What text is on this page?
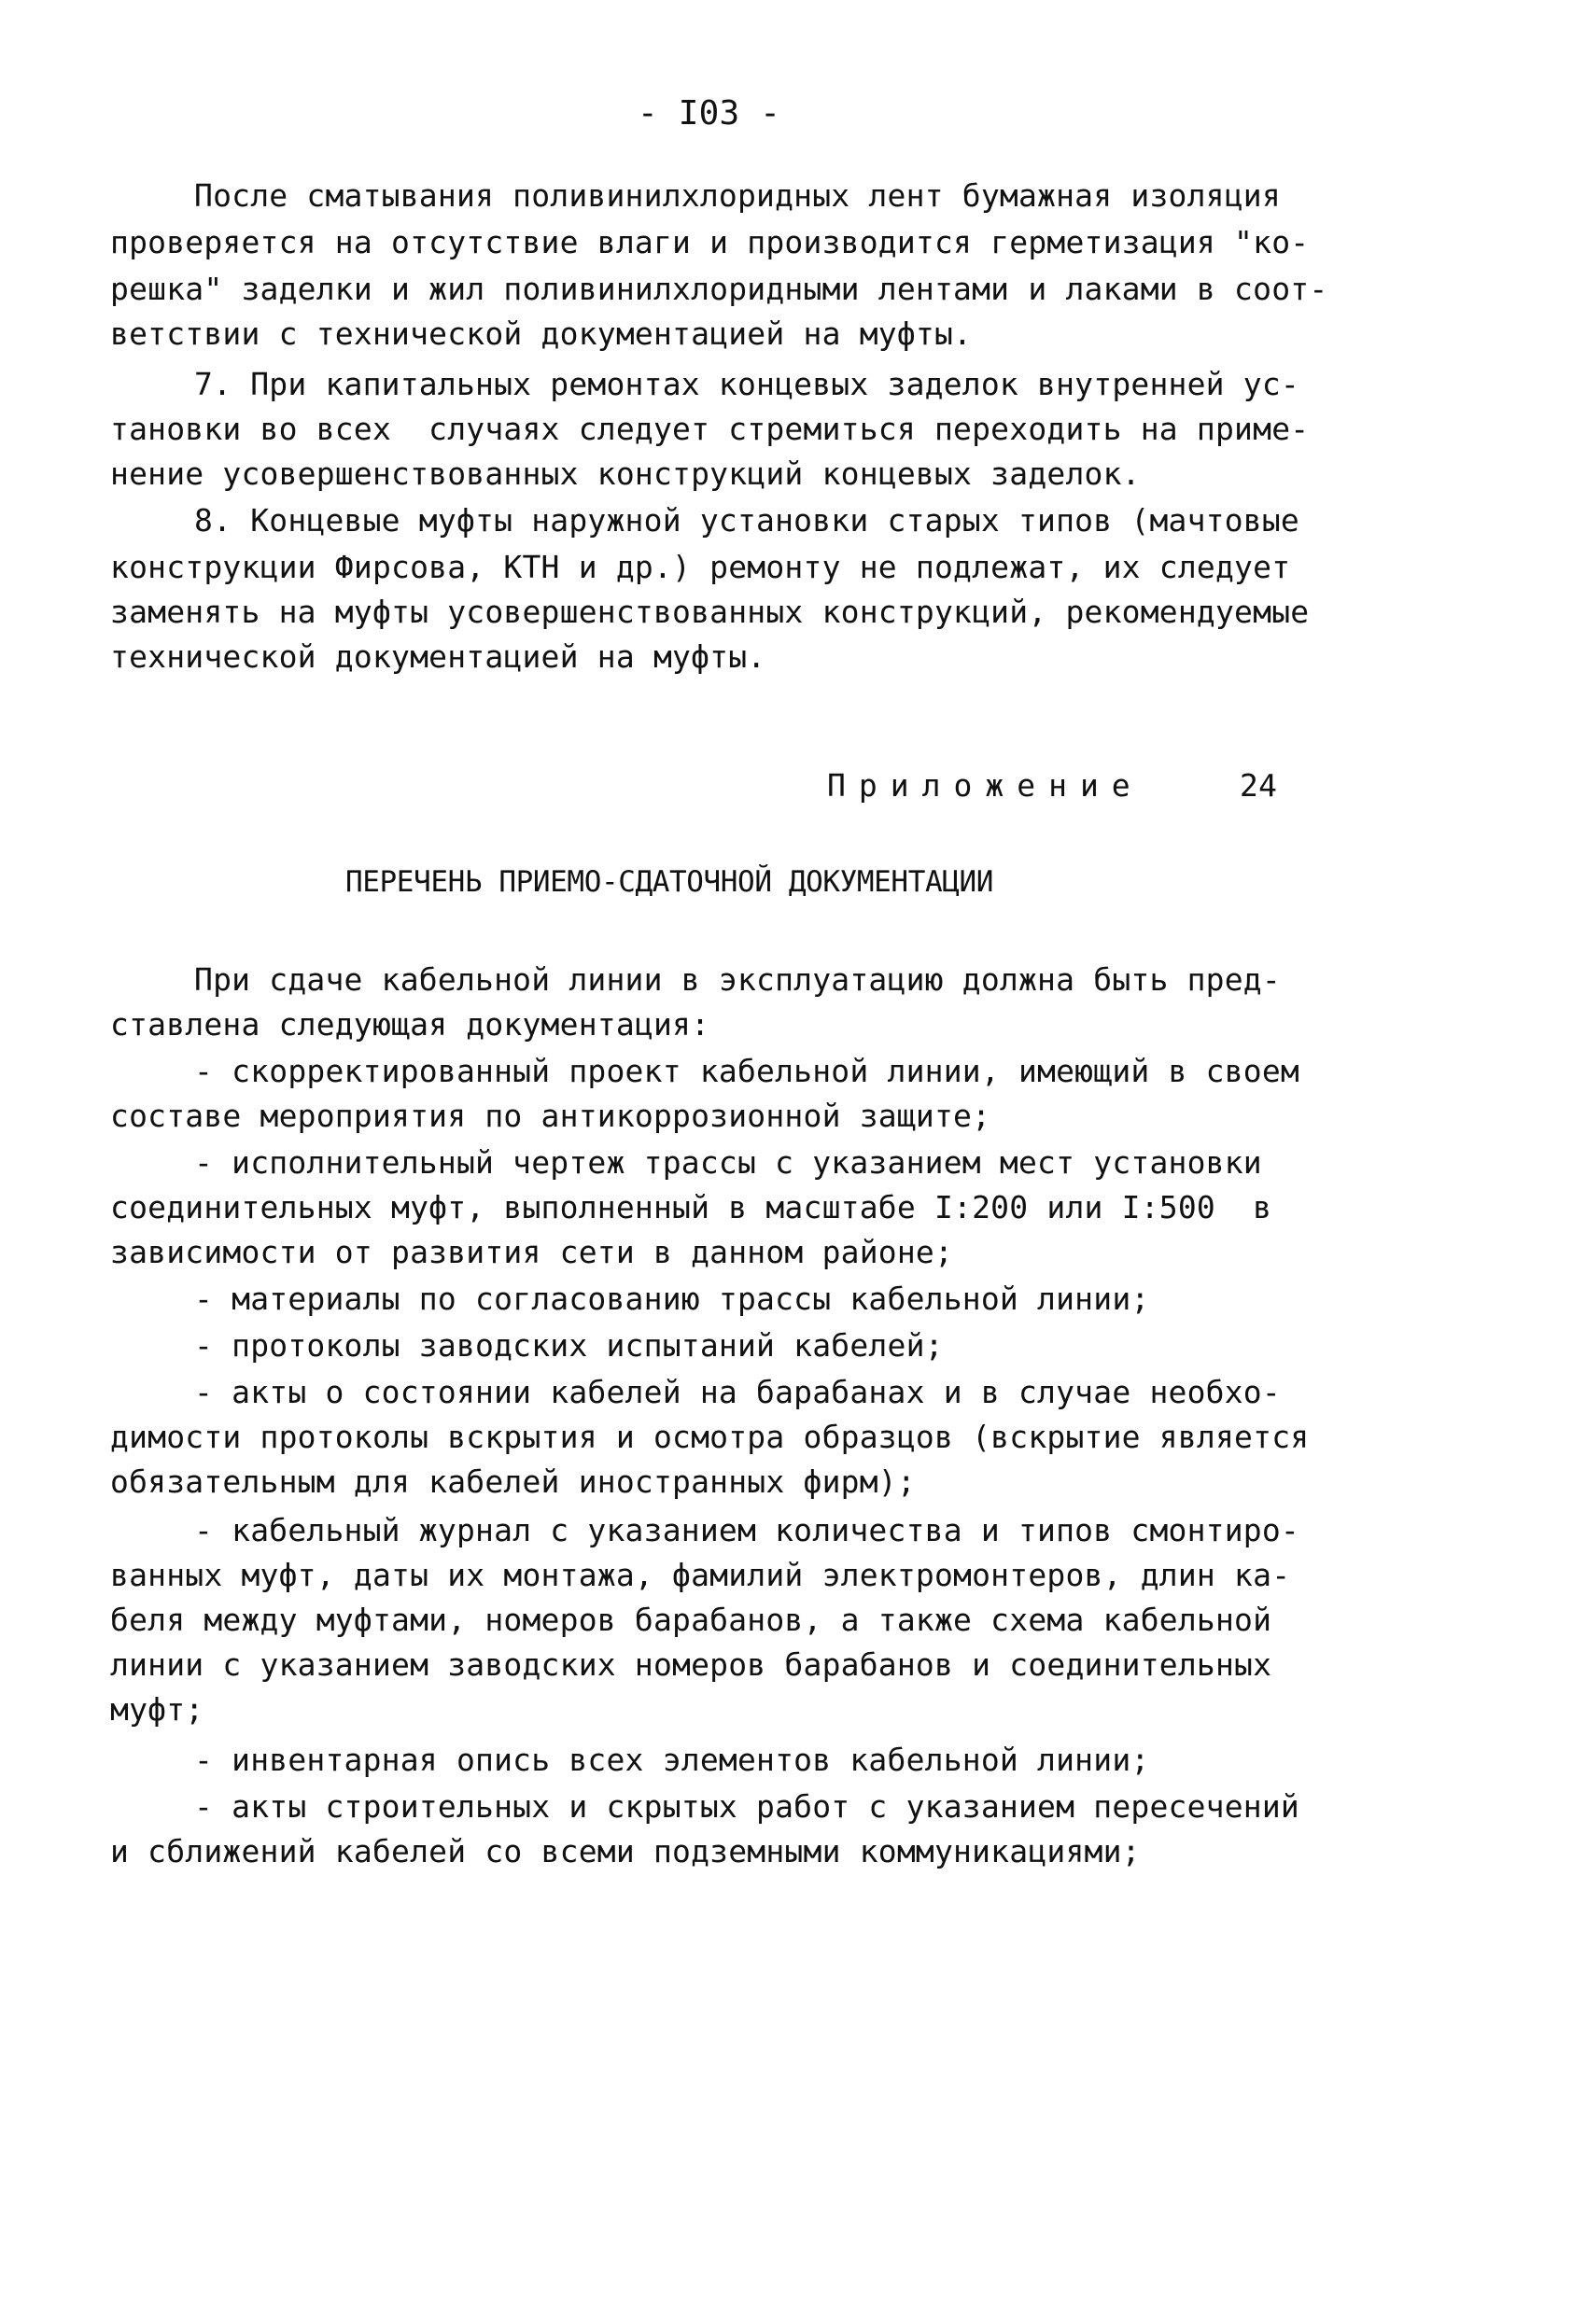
- I03 -
После сматывания поливинилхлоридных лент бумажная изоляция
проверяется на отсутствие влаги и производится герметизация "ко-
решка" заделки и жил поливинилхлоридными лентами и лаками в соот-
ветствии с технической документацией на муфты.
7. При капитальных ремонтах концевых заделок внутренней ус-
тановки во всех  случаях следует стремиться переходить на приме-
нение усовершенствованных конструкций концевых заделок.
8. Концевые муфты наружной установки старых типов (мачтовые
конструкции Фирсова, КТН и др.) ремонту не подлежат, их следует
заменять на муфты усовершенствованных конструкций, рекомендуемые
технической документацией на муфты.
Приложение	24
ПЕРЕЧЕНЬ ПРИЕМО-СДАТОЧНОЙ ДОКУМЕНТАЦИИ
При сдаче кабельной линии в эксплуатацию должна быть пред-
ставлена следующая документация:
- скорректированный проект кабельной линии, имеющий в своем
составе мероприятия по антикоррозионной защите;
- исполнительный чертеж трассы с указанием мест установки
соединительных муфт, выполненный в масштабе I:200 или I:500  в
зависимости от развития сети в данном районе;
- материалы по согласованию трассы кабельной линии;
- протоколы заводских испытаний кабелей;
- акты о состоянии кабелей на барабанах и в случае необхо-
димости протоколы вскрытия и осмотра образцов (вскрытие является
обязательным для кабелей иностранных фирм);
- кабельный журнал с указанием количества и типов смонтиро-
ванных муфт, даты их монтажа, фамилий электромонтеров, длин ка-
беля между муфтами, номеров барабанов, а также схема кабельной
линии с указанием заводских номеров барабанов и соединительных
муфт;
- инвентарная опись всех элементов кабельной линии;
- акты строительных и скрытых работ с указанием пересечений
и сближений кабелей со всеми подземными коммуникациями;
